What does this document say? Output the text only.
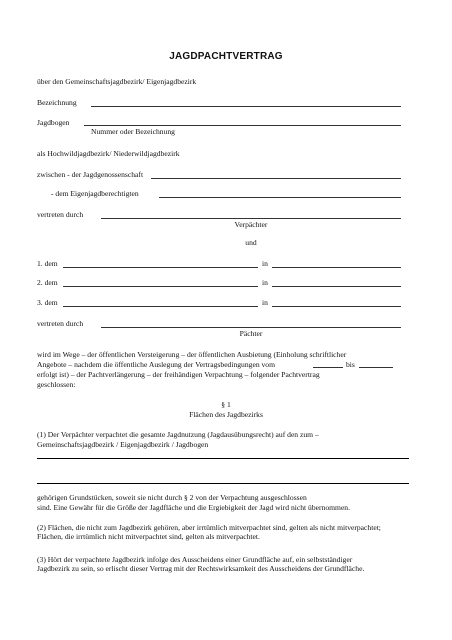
JAGDPACHTVERTRAG
über den Gemeinschaftsjagdbezirk/ Eigenjagdbezirk
Bezeichnung
Jagdbogen
Nummer oder Bezeichnung
als Hochwildjagdbezirk/ Niederwildjagdbezirk
zwischen - der Jagdgenossenschaft
- dem Eigenjagdberechtigten
vertreten durch
Verpächter
und
1. dem	in
2. dem	in
3. dem	in
vertreten durch
Pächter
wird im Wege – der öffentlichen Versteigerung – der öffentlichen Ausbietung (Einholung schriftlicher
Angebote – nachdem die öffentliche Auslegung der Vertragsbedingungen vom	bis
erfolgt ist) – der Pachtverlängerung – der freihändigen Verpachtung – folgender Pachtvertrag
geschlossen:
§ 1
Flächen des Jagdbezirks
(1) Der Verpächter verpachtet die gesamte Jagdnutzung (Jagdausübungsrecht) auf den zum –
Gemeinschaftsjagdbezirk / Eigenjagdbezirk / Jagdbogen
gehörigen Grundstücken, soweit sie nicht durch § 2 von der Verpachtung ausgeschlossen
sind. Eine Gewähr für die Größe der Jagdfläche und die Ergiebigkeit der Jagd wird nicht übernommen.
(2) Flächen, die nicht zum Jagdbezirk gehören, aber irrtümlich mitverpachtet sind, gelten als nicht mitverpachtet; Flächen, die irrtümlich nicht mitverpachtet sind, gelten als mitverpachtet.
(3) Hört der verpachtete Jagdbezirk infolge des Ausscheidens einer Grundfläche auf, ein selbstständiger Jagdbezirk zu sein, so erlischt dieser Vertrag mit der Rechtswirksamkeit des Ausscheidens der Grundfläche.
